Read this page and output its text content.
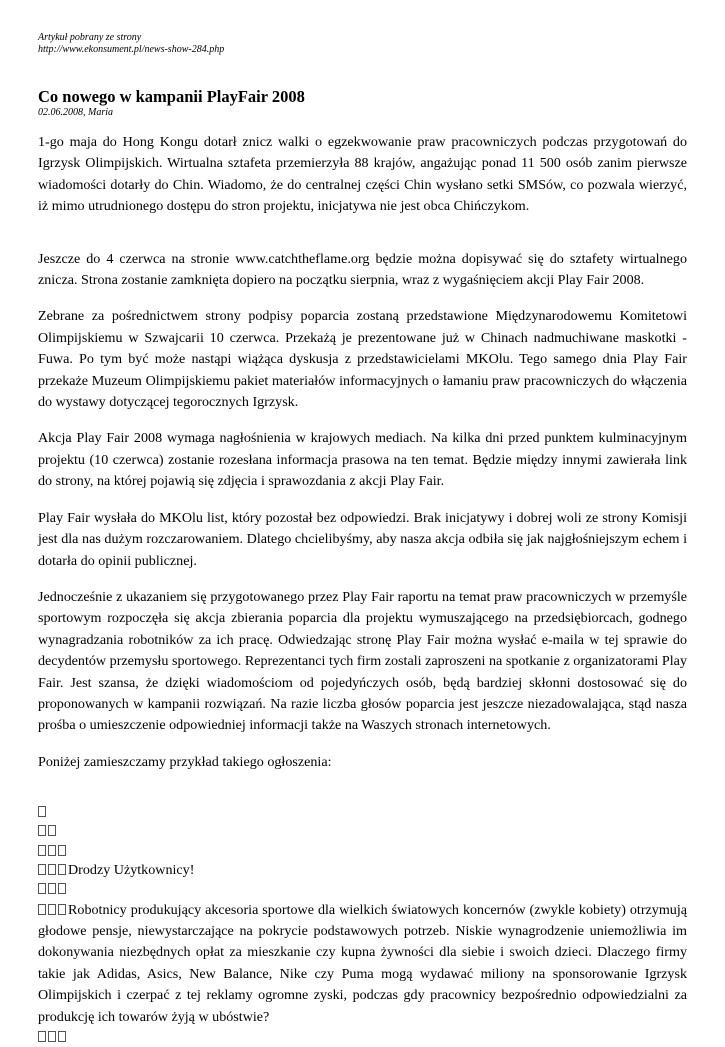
Artykuł pobrany ze strony
http://www.ekonsument.pl/news-show-284.php
Co nowego w kampanii PlayFair 2008
02.06.2008, Maria

1-go maja do Hong Kongu dotarł znicz walki o egzekwowanie praw pracowniczych podczas przygotowań do Igrzysk Olimpijskich. Wirtualna sztafeta przemierzyła 88 krajów, angażując ponad 11 500 osób zanim pierwsze wiadomości dotarły do Chin. Wiadomo, że do centralnej części Chin wysłano setki SMSów, co pozwala wierzyć, iż mimo utrudnionego dostępu do stron projektu, inicjatywa nie jest obca Chińczykom.

Jeszcze do 4 czerwca na stronie www.catchtheflame.org będzie można dopisywać się do sztafety wirtualnego znicza. Strona zostanie zamknięta dopiero na początku sierpnia, wraz z wygaśnięciem akcji Play Fair 2008.

Zebrane za pośrednictwem strony podpisy poparcia zostaną przedstawione Międzynarodowemu Komitetowi Olimpijskiemu w Szwajcarii 10 czerwca. Przekażą je prezentowane już w Chinach nadmuchiwane maskotki - Fuwa. Po tym być może nastąpi wiążąca dyskusja z przedstawicielami MKOlu. Tego samego dnia Play Fair przekaże Muzeum Olimpijskiemu pakiet materiałów informacyjnych o łamaniu praw pracowniczych do włączenia do wystawy dotyczącej tegorocznych Igrzysk.

Akcja Play Fair 2008 wymaga nagłośnienia w krajowych mediach. Na kilka dni przed punktem kulminacyjnym projektu (10 czerwca) zostanie rozesłana informacja prasowa na ten temat. Będzie między innymi zawierała link do strony, na której pojawią się zdjęcia i sprawozdania z akcji Play Fair.

Play Fair wysłała do MKOlu list, który pozostał bez odpowiedzi. Brak inicjatywy i dobrej woli ze strony Komisji jest dla nas dużym rozczarowaniem. Dlatego chcielibyśmy, aby nasza akcja odbiła się jak najgłośniejszym echem i dotarła do opinii publicznej.

Jednocześnie z ukazaniem się przygotowanego przez Play Fair raportu na temat praw pracowniczych w przemyśle sportowym rozpoczęła się akcja zbierania poparcia dla projektu wymuszającego na przedsiębiorcach, godnego wynagradzania robotników za ich pracę. Odwiedzając stronę Play Fair można wysłać e-maila w tej sprawie do decydentów przemysłu sportowego. Reprezentanci tych firm zostali zaproszeni na spotkanie z organizatorami Play Fair. Jest szansa, że dzięki wiadomościom od pojedyńczych osób, będą bardziej skłonni dostosować się do proponowanych w kampanii rozwiązań. Na razie liczba głosów poparcia jest jeszcze niezadowalająca, stąd nasza prośba o umieszczenie odpowiedniej informacji także na Waszych stronach internetowych.

Poniżej zamieszczamy przykład takiego ogłoszenia:

Drodzy Użytkownicy!

Robotnicy produkujący akcesoria sportowe dla wielkich światowych koncernów (zwykle kobiety) otrzymują głodowe pensje, niewystarczające na pokrycie podstawowych potrzeb. Niskie wynagrodzenie uniemożliwia im dokonywania niezbędnych opłat za mieszkanie czy kupna żywności dla siebie i swoich dzieci. Dlaczego firmy takie jak Adidas, Asics, New Balance, Nike czy Puma mogą wydawać miliony na sponsorowanie Igrzysk Olimpijskich i czerpać z tej reklamy ogromne zyski, podczas gdy pracownicy bezpośrednio odpowiedzialni za produkcję ich towarów żyją w ubóstwie?
